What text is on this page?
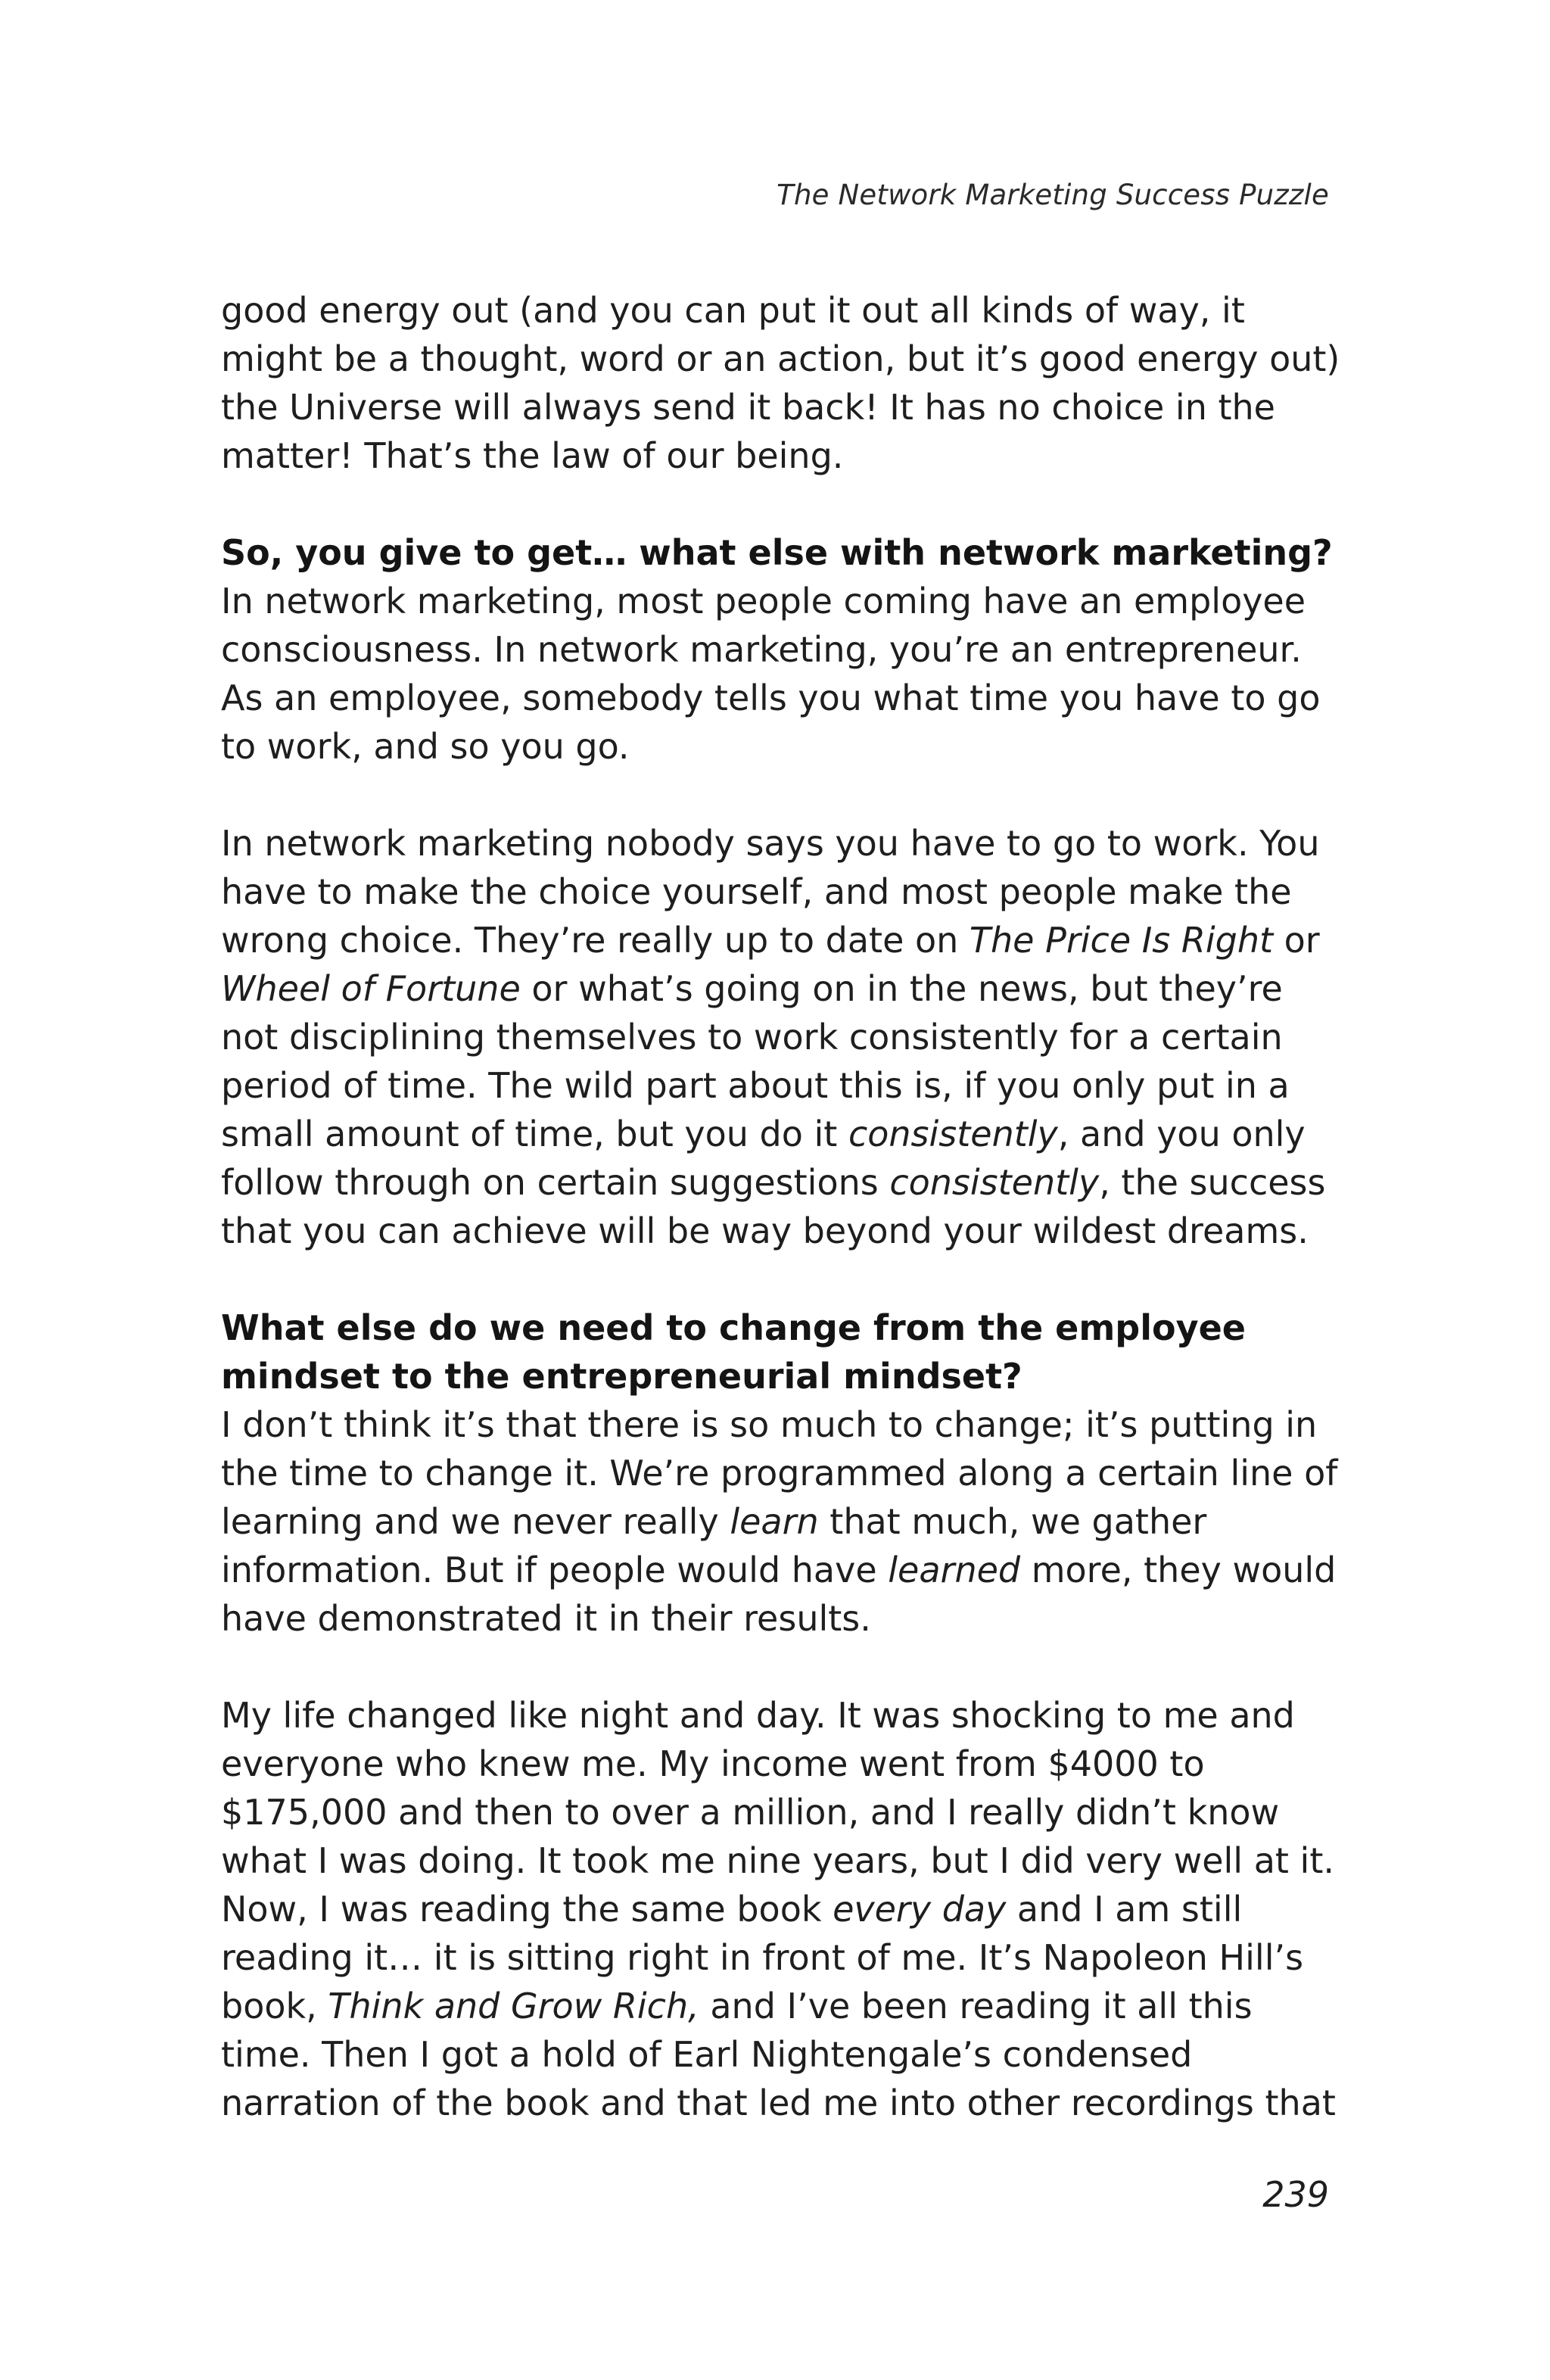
The Network Marketing Success Puzzle

good energy out (and you can put it out all kinds of way, it might be a thought, word or an action, but it’s good energy out) the Universe will always send it back! It has no choice in the matter! That’s the law of our being.

So, you give to get… what else with network marketing?

In network marketing, most people coming have an employee consciousness. In network marketing, you’re an entrepreneur. As an employee, somebody tells you what time you have to go to work, and so you go.

In network marketing nobody says you have to go to work. You have to make the choice yourself, and most people make the wrong choice. They’re really up to date on The Price Is Right or Wheel of Fortune or what’s going on in the news, but they’re not disciplining themselves to work consistently for a certain period of time. The wild part about this is, if you only put in a small amount of time, but you do it consistently, and you only follow through on certain suggestions consistently, the success that you can achieve will be way beyond your wildest dreams.

What else do we need to change from the employee mindset to the entrepreneurial mindset?

I don’t think it’s that there is so much to change; it’s putting in the time to change it. We’re programmed along a certain line of learning and we never really learn that much, we gather information. But if people would have learned more, they would have demonstrated it in their results.

My life changed like night and day. It was shocking to me and everyone who knew me. My income went from $4000 to $175,000 and then to over a million, and I really didn’t know what I was doing. It took me nine years, but I did very well at it. Now, I was reading the same book every day and I am still reading it… it is sitting right in front of me. It’s Napoleon Hill’s book, Think and Grow Rich, and I’ve been reading it all this time. Then I got a hold of Earl Nightengale’s condensed narration of the book and that led me into other recordings that

239
